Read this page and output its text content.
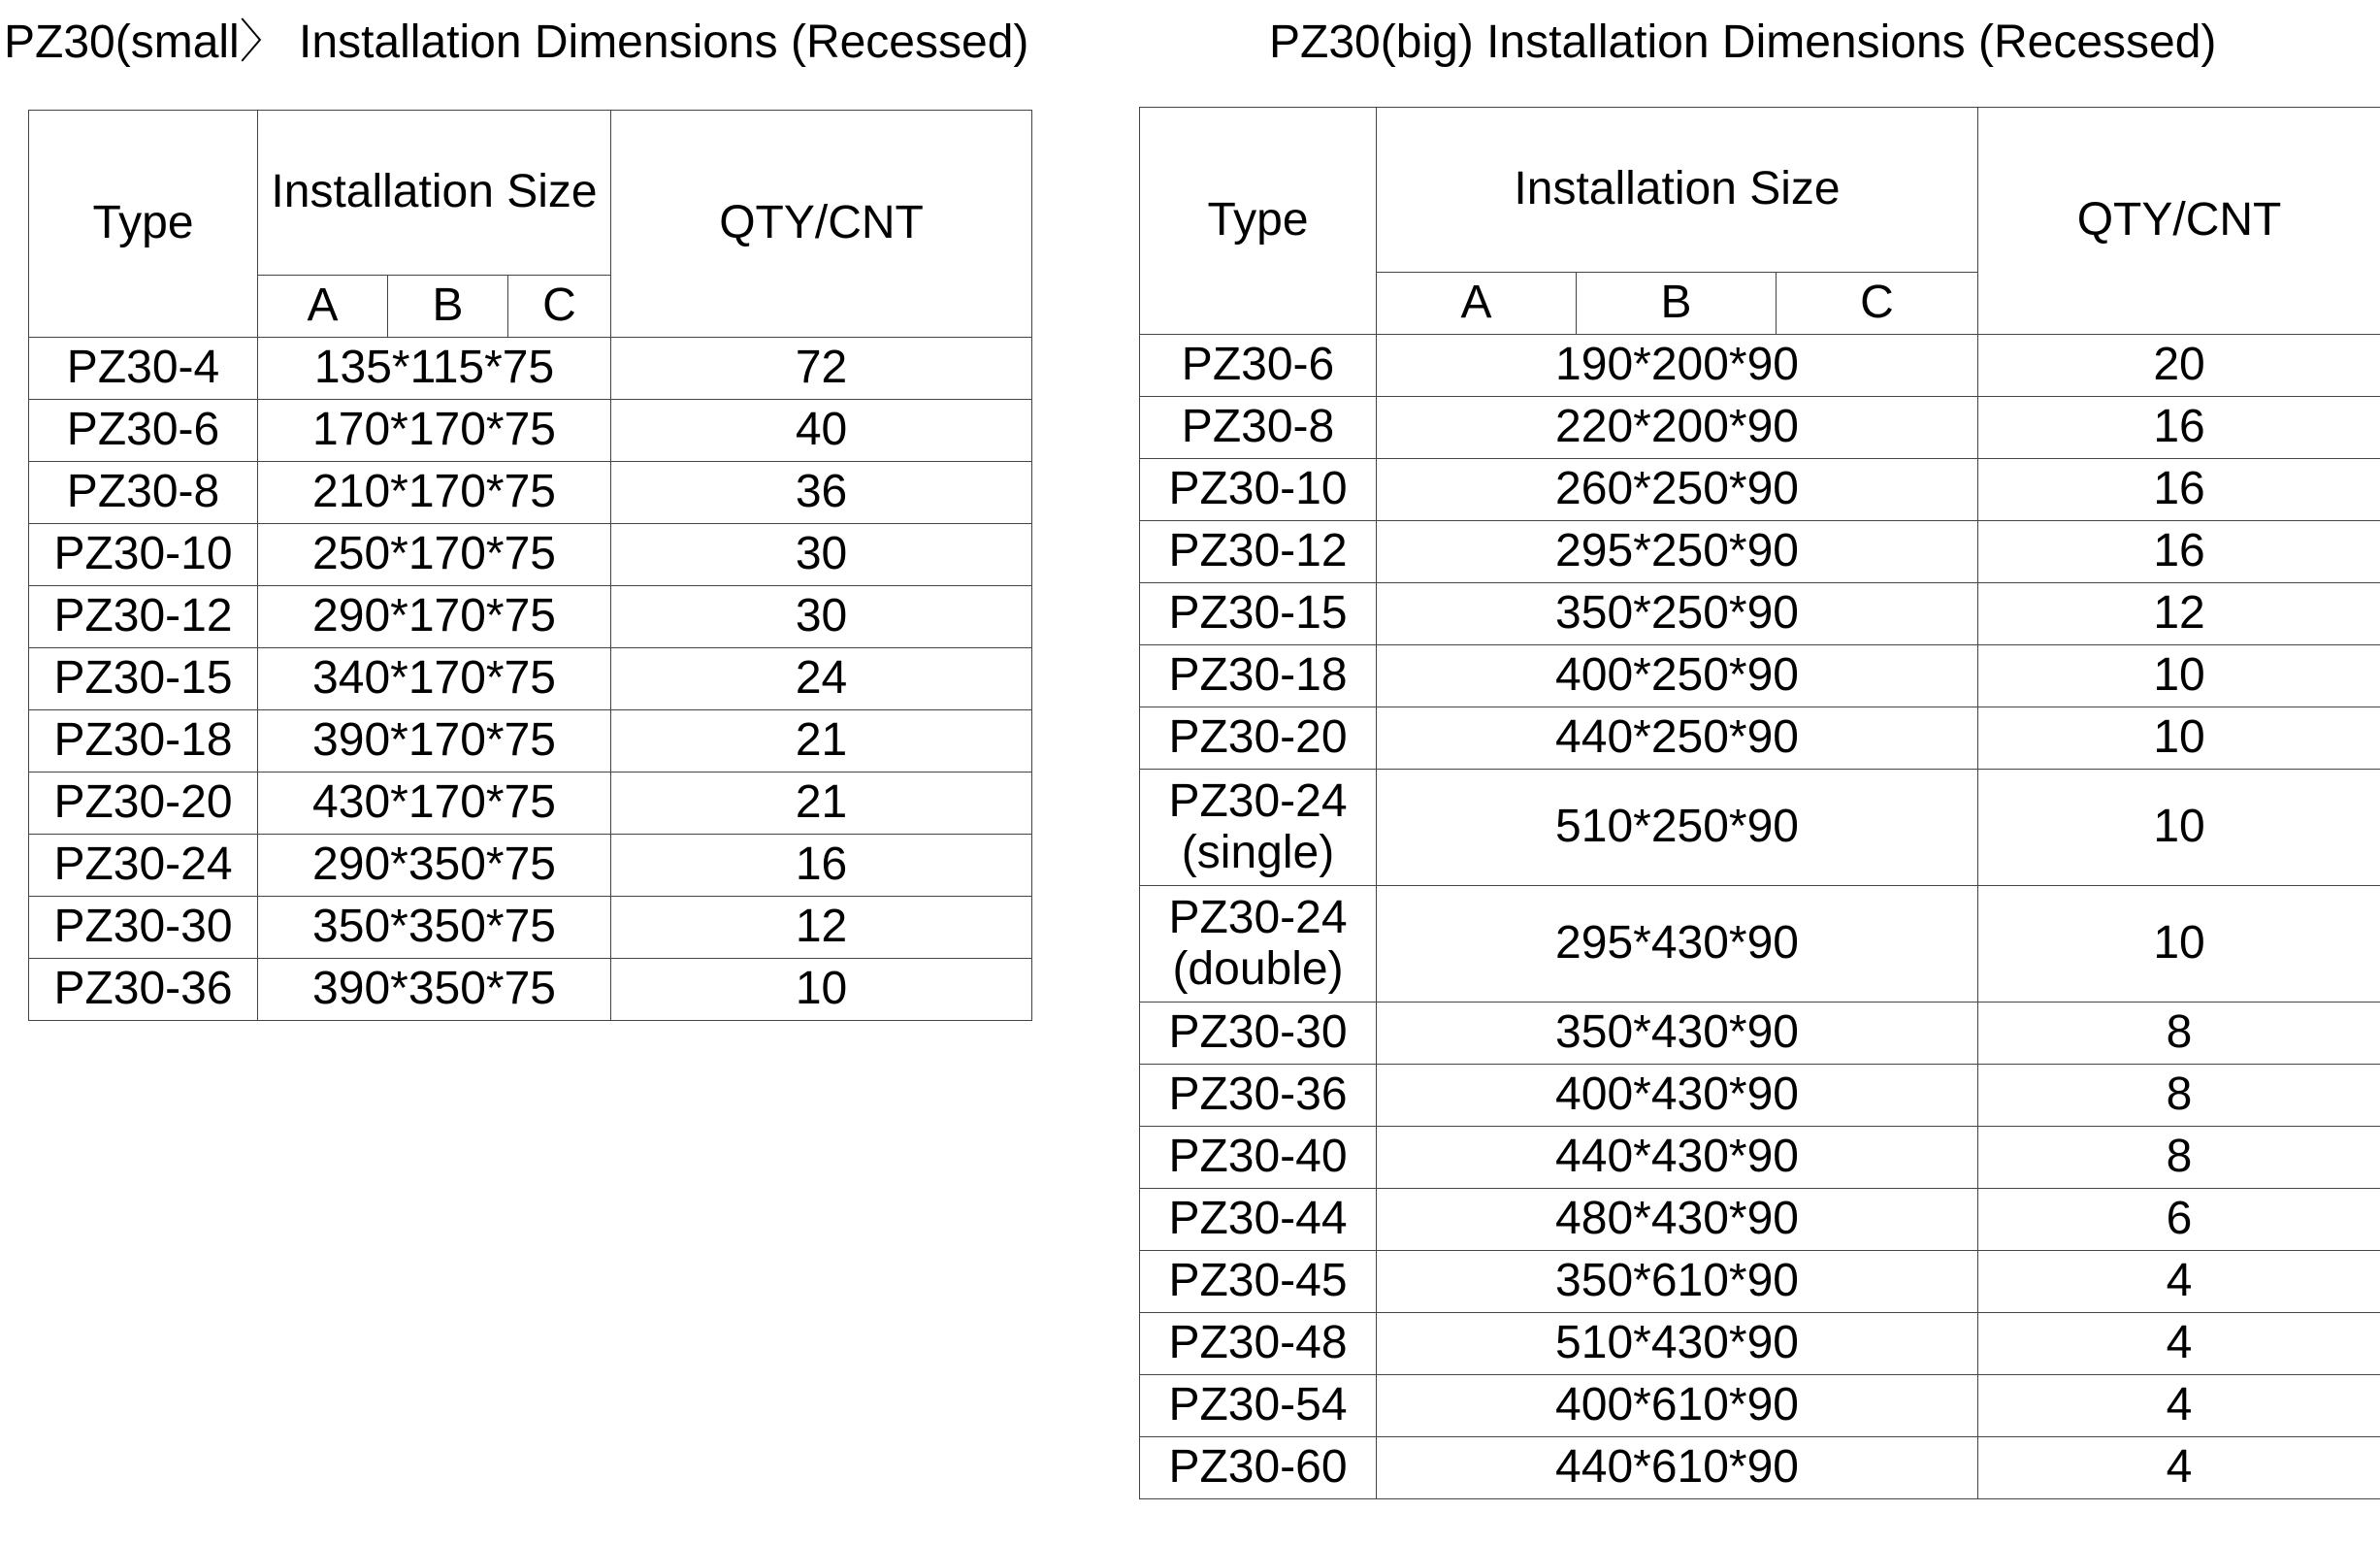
PZ30(small〉 Installation Dimensions (Recessed)	PZ30(big) Installation Dimensions (Recessed)
Type	Installation Size			QTY/CNT
	A	B	C	
PZ30-4	135*115*75			72
PZ30-6	170*170*75			40
PZ30-8	210*170*75			36
PZ30-10	250*170*75			30
PZ30-12	290*170*75			30
PZ30-15	340*170*75			24
PZ30-18	390*170*75			21
PZ30-20	430*170*75			21
PZ30-24	290*350*75			16
PZ30-30	350*350*75			12
PZ30-36	390*350*75			10
Type	Installation Size			QTY/CNT
	A	B	C	
PZ30-6	190*200*90			20
PZ30-8	220*200*90			16
PZ30-10	260*250*90			16
PZ30-12	295*250*90			16
PZ30-15	350*250*90			12
PZ30-18	400*250*90			10
PZ30-20	440*250*90			10

PZ30-24
(single)	510*250*90			10

PZ30-24
(double)	295*430*90			10
PZ30-30	350*430*90			8
PZ30-36	400*430*90			8
PZ30-40	440*430*90			8
PZ30-44	480*430*90			6
PZ30-45	350*610*90			4
PZ30-48	510*430*90			4
PZ30-54	400*610*90			4
PZ30-60	440*610*90			4
